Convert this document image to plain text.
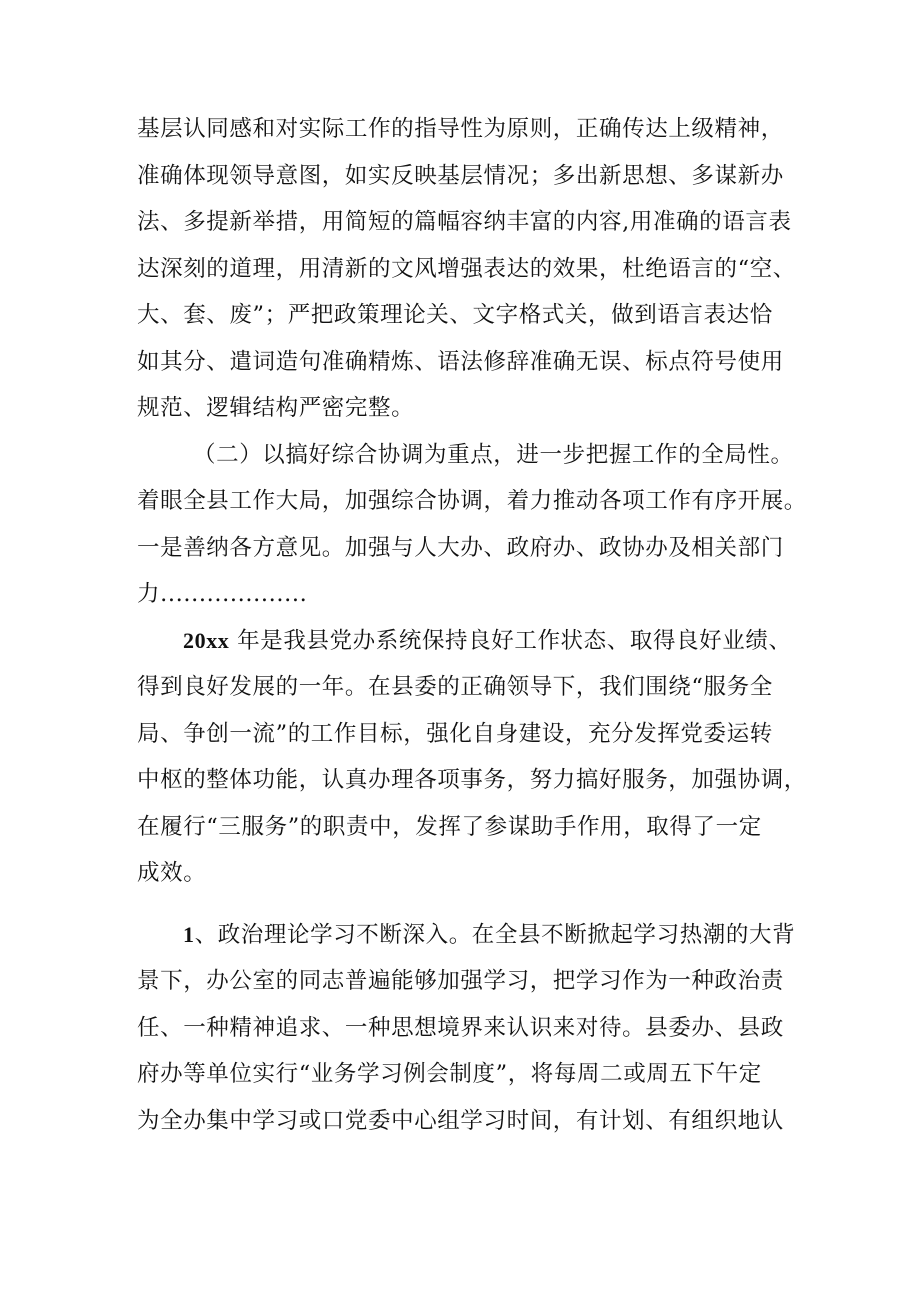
基层认同感和对实际工作的指导性为原则，正确传达上级精神，
准确体现领导意图，如实反映基层情况；多出新思想、多谋新办
法、多提新举措，用简短的篇幅容纳丰富的内容,用准确的语言表
达深刻的道理，用清新的文风增强表达的效果，杜绝语言的“空、
大、套、废”；严把政策理论关、文字格式关，做到语言表达恰
如其分、遣词造句准确精炼、语法修辞准确无误、标点符号使用
规范、逻辑结构严密完整。
（二）以搞好综合协调为重点，进一步把握工作的全局性。
着眼全县工作大局，加强综合协调，着力推动各项工作有序开展。
一是善纳各方意见。加强与人大办、政府办、政协办及相关部门
力...................
20xx 年是我县党办系统保持良好工作状态、取得良好业绩、
得到良好发展的一年。在县委的正确领导下，我们围绕“服务全
局、争创一流”的工作目标，强化自身建设，充分发挥党委运转
中枢的整体功能，认真办理各项事务，努力搞好服务，加强协调，
在履行“三服务”的职责中，发挥了参谋助手作用，取得了一定
成效。
1、政治理论学习不断深入。在全县不断掀起学习热潮的大背
景下，办公室的同志普遍能够加强学习，把学习作为一种政治责
任、一种精神追求、一种思想境界来认识来对待。县委办、县政
府办等单位实行“业务学习例会制度”，将每周二或周五下午定
为全办集中学习或口党委中心组学习时间，有计划、有组织地认
